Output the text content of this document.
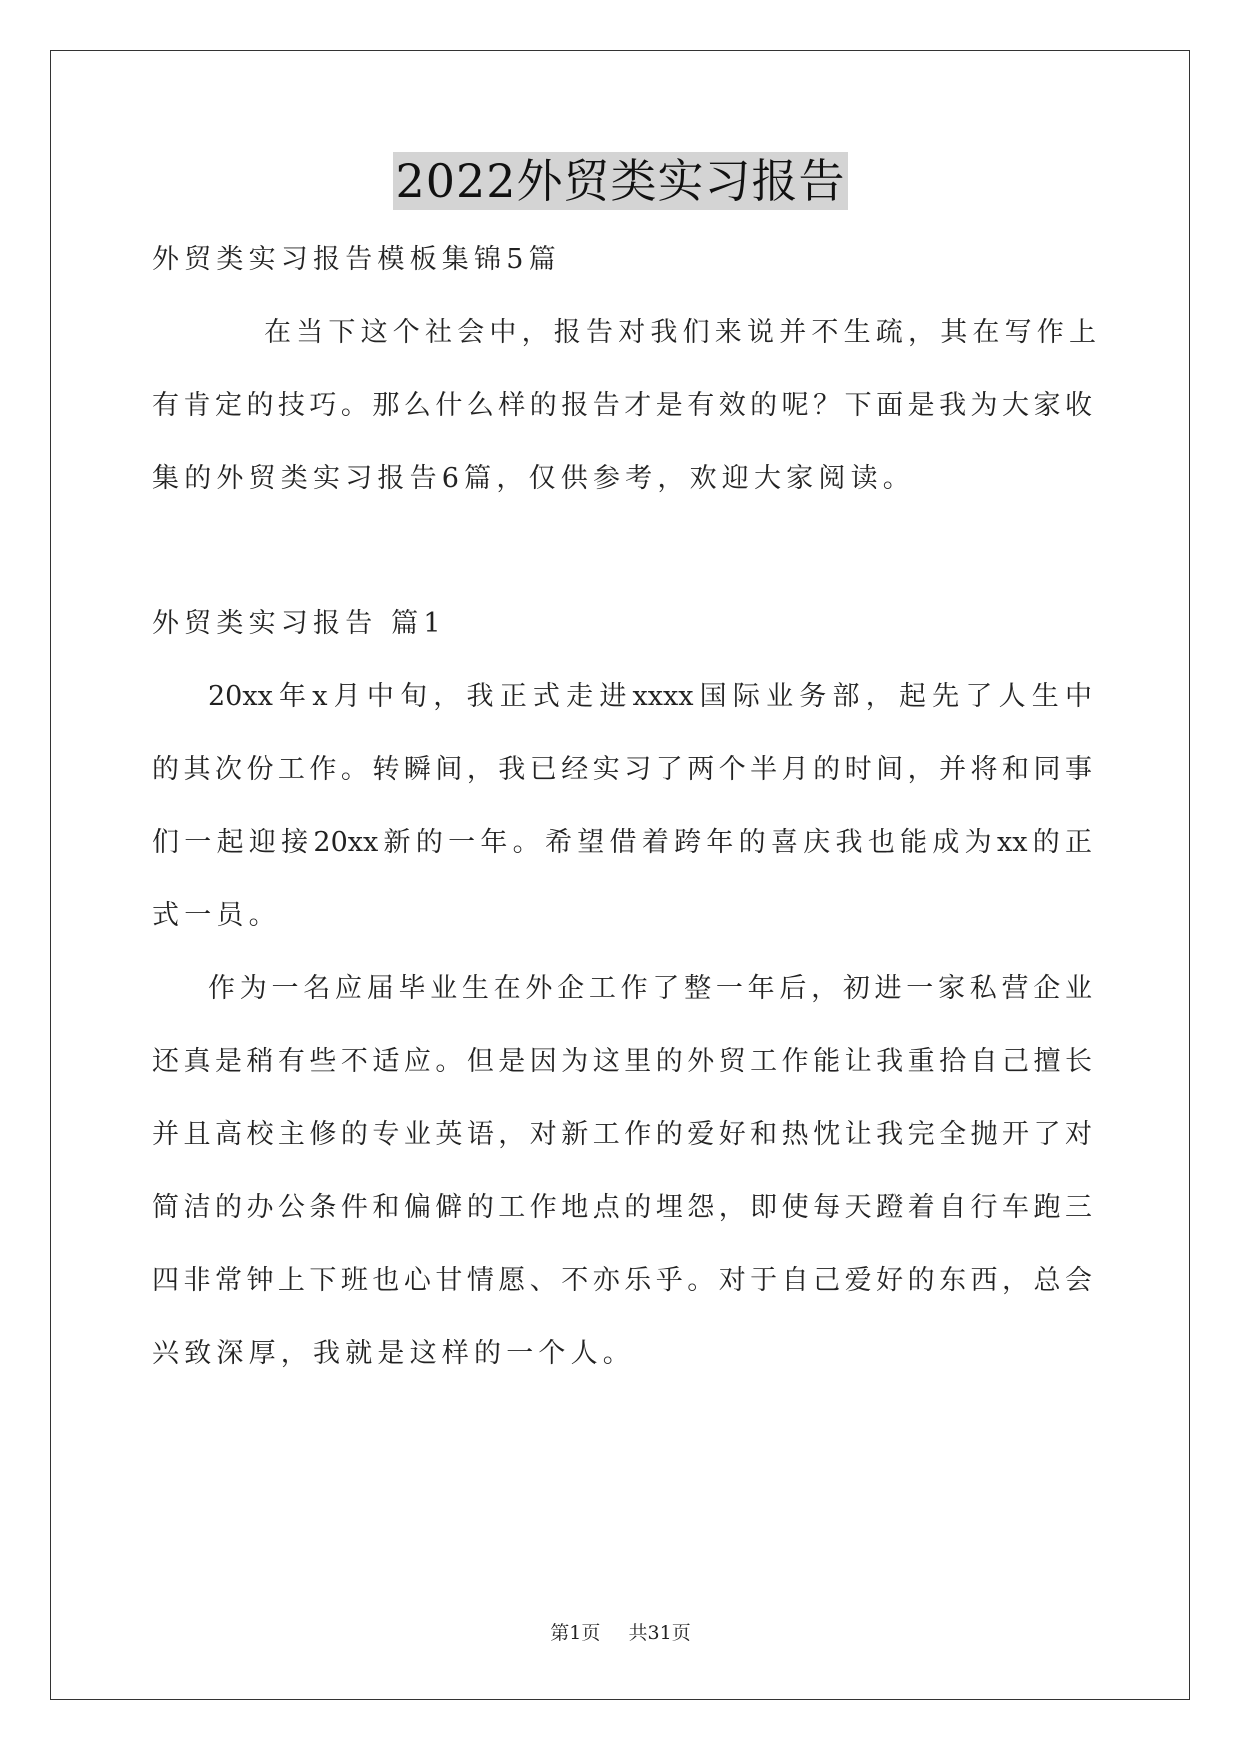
2022外贸类实习报告
外贸类实习报告模板集锦5篇
在当下这个社会中，报告对我们来说并不生疏，其在写作上
有肯定的技巧。那么什么样的报告才是有效的呢？下面是我为大家收
集的外贸类实习报告6篇，仅供参考，欢迎大家阅读。
外贸类实习报告 篇1
20xx年x月中旬，我正式走进xxxx国际业务部，起先了人生中
的其次份工作。转瞬间，我已经实习了两个半月的时间，并将和同事
们一起迎接20xx新的一年。希望借着跨年的喜庆我也能成为xx的正
式一员。
作为一名应届毕业生在外企工作了整一年后，初进一家私营企业
还真是稍有些不适应。但是因为这里的外贸工作能让我重拾自己擅长
并且高校主修的专业英语，对新工作的爱好和热忱让我完全抛开了对
简洁的办公条件和偏僻的工作地点的埋怨，即使每天蹬着自行车跑三
四非常钟上下班也心甘情愿、不亦乐乎。对于自己爱好的东西，总会
兴致深厚，我就是这样的一个人。
第1页 共31页
